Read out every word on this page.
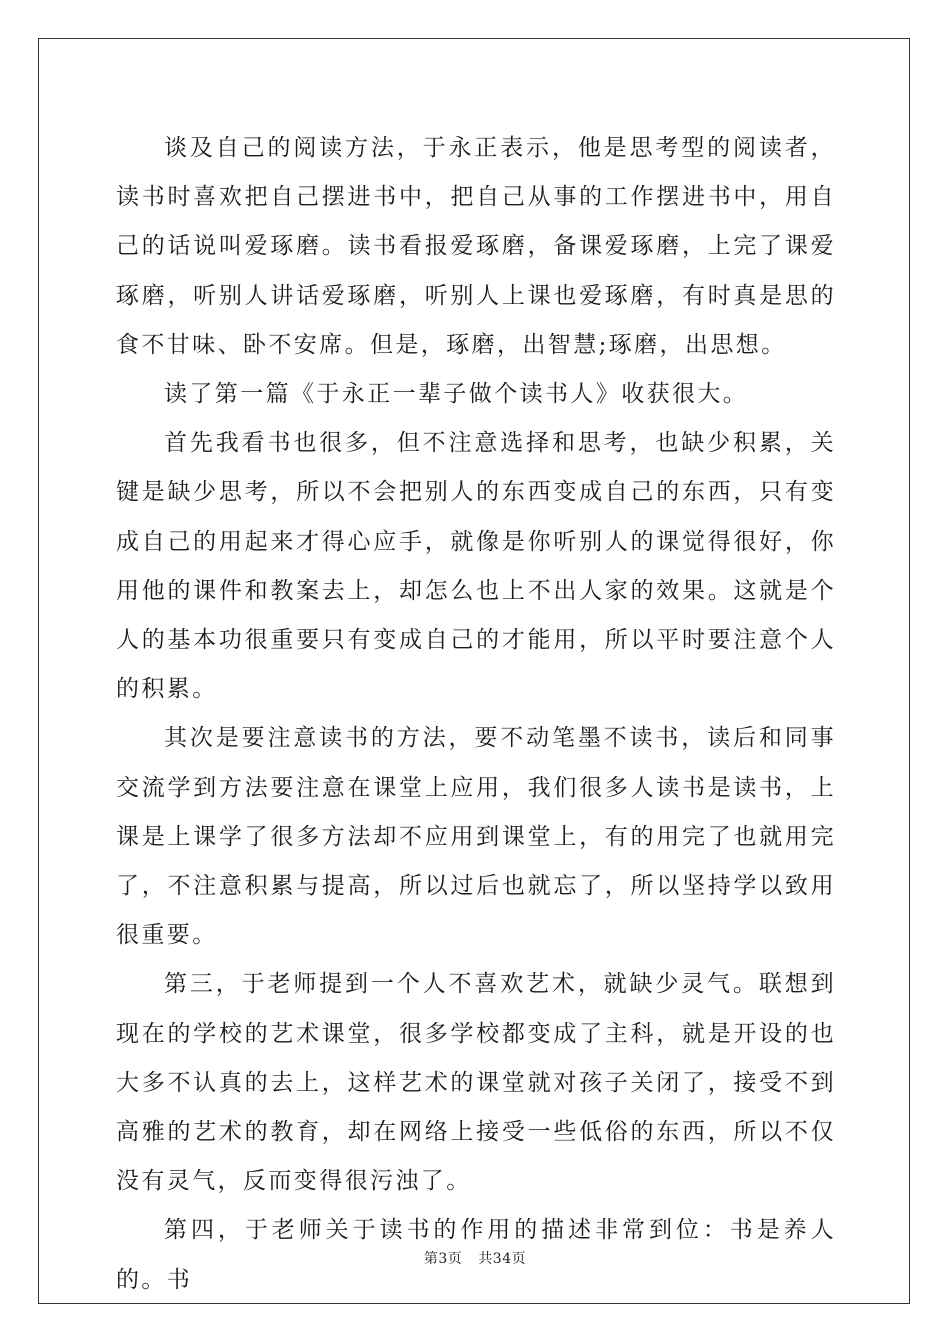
谈及自己的阅读方法，于永正表示，他是思考型的阅读者，读书时喜欢把自己摆进书中，把自己从事的工作摆进书中，用自己的话说叫爱琢磨。读书看报爱琢磨，备课爱琢磨，上完了课爱琢磨，听别人讲话爱琢磨，听别人上课也爱琢磨，有时真是思的食不甘味、卧不安席。但是，琢磨，出智慧;琢磨，出思想。

读了第一篇《于永正一辈子做个读书人》收获很大。

首先我看书也很多，但不注意选择和思考，也缺少积累，关键是缺少思考，所以不会把别人的东西变成自己的东西，只有变成自己的用起来才得心应手，就像是你听别人的课觉得很好，你用他的课件和教案去上，却怎么也上不出人家的效果。这就是个人的基本功很重要只有变成自己的才能用，所以平时要注意个人的积累。

其次是要注意读书的方法，要不动笔墨不读书，读后和同事交流学到方法要注意在课堂上应用，我们很多人读书是读书，上课是上课学了很多方法却不应用到课堂上，有的用完了也就用完了，不注意积累与提高，所以过后也就忘了，所以坚持学以致用很重要。

第三，于老师提到一个人不喜欢艺术，就缺少灵气。联想到现在的学校的艺术课堂，很多学校都变成了主科，就是开设的也大多不认真的去上，这样艺术的课堂就对孩子关闭了，接受不到高雅的艺术的教育，却在网络上接受一些低俗的东西，所以不仅没有灵气，反而变得很污浊了。

第四，于老师关于读书的作用的描述非常到位：书是养人的。书

第3页 共34页
